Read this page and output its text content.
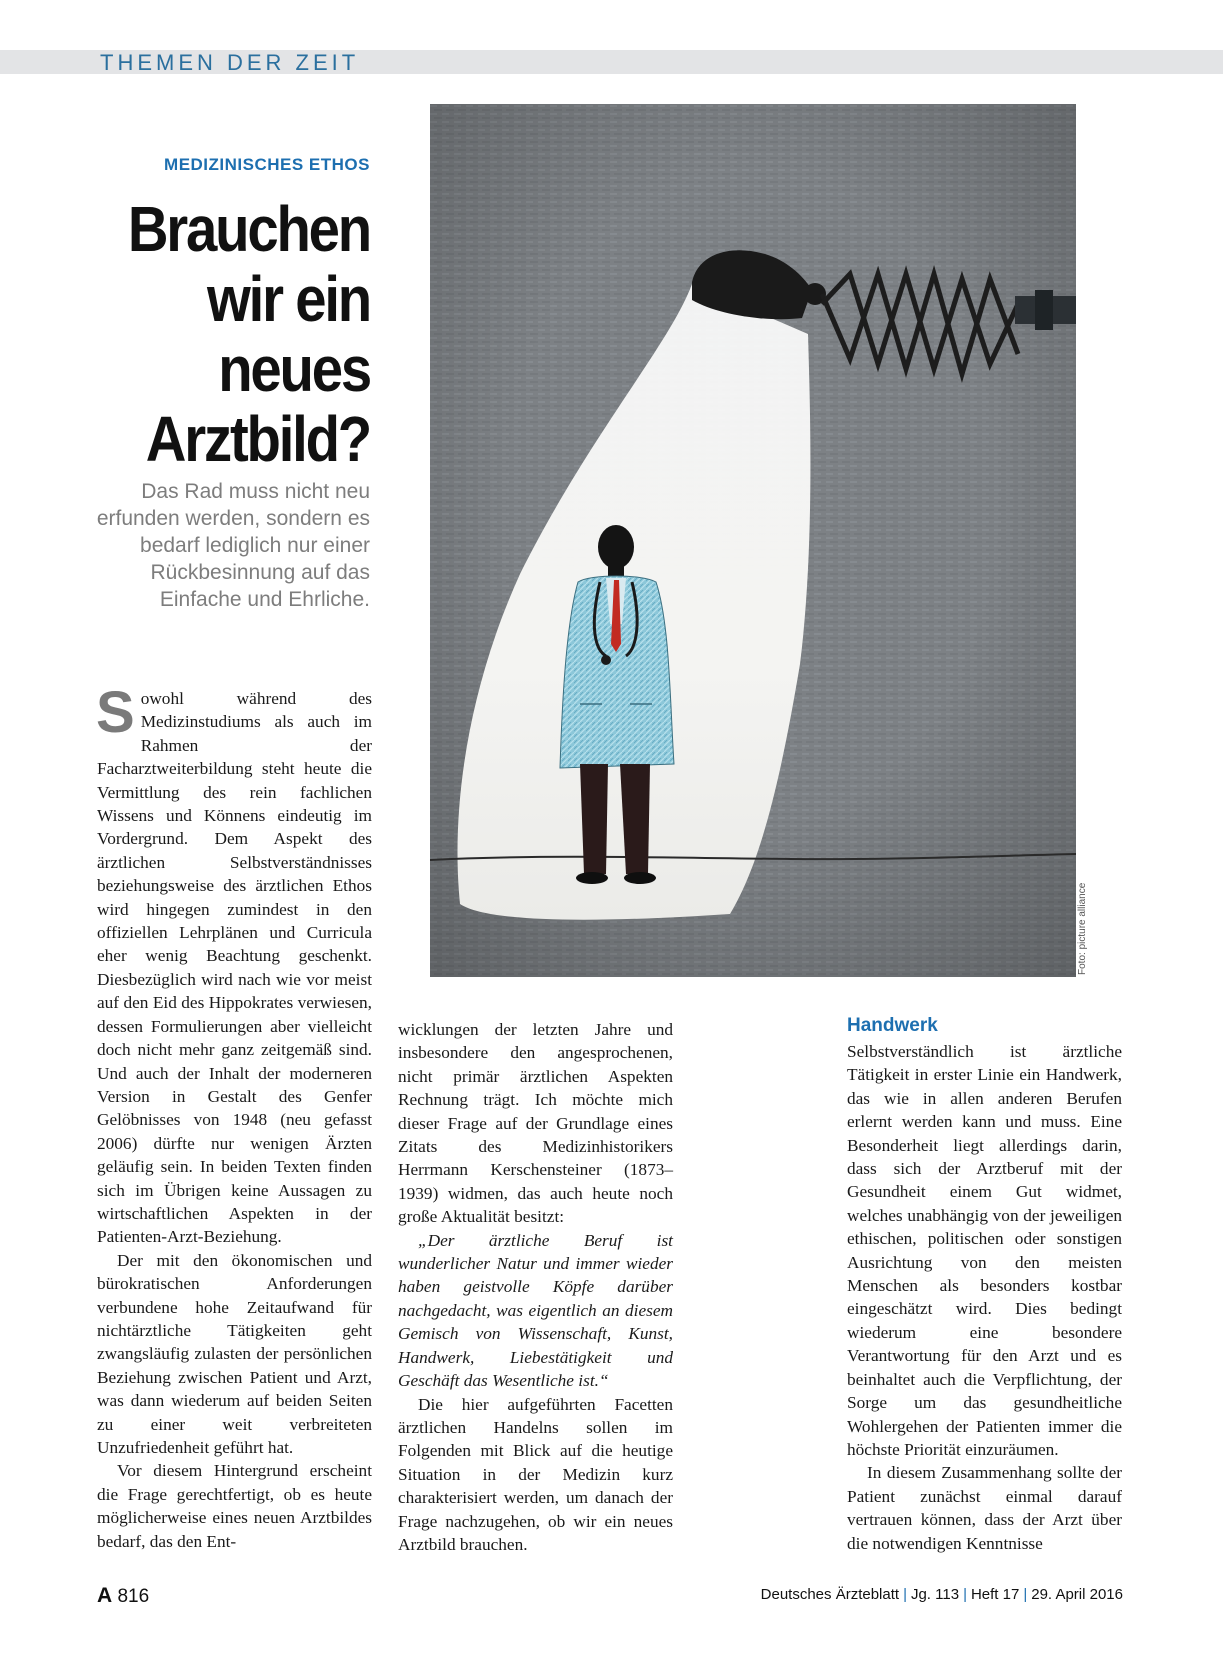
THEMEN DER ZEIT
MEDIZINISCHES ETHOS
Brauchen
wir ein
neues
Arztbild?
Das Rad muss nicht neu erfunden werden, sondern es bedarf lediglich nur einer Rückbesinnung auf das Einfache und Ehrliche.
Foto: picture alliance

Sowohl während des Medizinstudiums als auch im Rahmen der Facharztweiterbildung steht heute die Vermittlung des rein fachlichen Wissens und Könnens eindeutig im Vordergrund. Dem Aspekt des ärztlichen Selbstverständnisses beziehungsweise des ärztlichen Ethos wird hingegen zumindest in den offiziellen Lehrplänen und Curricula eher wenig Beachtung geschenkt. Diesbezüglich wird nach wie vor meist auf den Eid des Hippokrates verwiesen, dessen Formulierungen aber vielleicht doch nicht mehr ganz zeitgemäß sind. Und auch der Inhalt der moderneren Version in Gestalt des Genfer Gelöbnisses von 1948 (neu gefasst 2006) dürfte nur wenigen Ärzten geläufig sein. In beiden Texten finden sich im Übrigen keine Aussagen zu wirtschaftlichen Aspekten in der Patienten-Arzt-Beziehung.

Der mit den ökonomischen und bürokratischen Anforderungen verbundene hohe Zeitaufwand für nichtärztliche Tätigkeiten geht zwangsläufig zulasten der persönlichen Beziehung zwischen Patient und Arzt, was dann wiederum auf beiden Seiten zu einer weit verbreiteten Unzufriedenheit geführt hat.

Vor diesem Hintergrund erscheint die Frage gerechtfertigt, ob es heute möglicherweise eines neuen Arztbildes bedarf, das den Ent-

wicklungen der letzten Jahre und insbesondere den angesprochenen, nicht primär ärztlichen Aspekten Rechnung trägt. Ich möchte mich dieser Frage auf der Grundlage eines Zitats des Medizinhistorikers Herrmann Kerschensteiner (1873–1939) widmen, das auch heute noch große Aktualität besitzt:

„Der ärztliche Beruf ist wunderlicher Natur und immer wieder haben geistvolle Köpfe darüber nachgedacht, was eigentlich an diesem Gemisch von Wissenschaft, Kunst, Handwerk, Liebestätigkeit und Geschäft das Wesentliche ist.“

Die hier aufgeführten Facetten ärztlichen Handelns sollen im Folgenden mit Blick auf die heutige Situation in der Medizin kurz charakterisiert werden, um danach der Frage nachzugehen, ob wir ein neues Arztbild brauchen.

Handwerk

Selbstverständlich ist ärztliche Tätigkeit in erster Linie ein Handwerk, das wie in allen anderen Berufen erlernt werden kann und muss. Eine Besonderheit liegt allerdings darin, dass sich der Arztberuf mit der Gesundheit einem Gut widmet, welches unabhängig von der jeweiligen ethischen, politischen oder sonstigen Ausrichtung von den meisten Menschen als besonders kostbar eingeschätzt wird. Dies bedingt wiederum eine besondere Verantwortung für den Arzt und es beinhaltet auch die Verpflichtung, der Sorge um das gesundheitliche Wohlergehen der Patienten immer die höchste Priorität einzuräumen.

In diesem Zusammenhang sollte der Patient zunächst einmal darauf vertrauen können, dass der Arzt über die notwendigen Kenntnisse

A 816	Deutsches Ärzteblatt | Jg. 113 | Heft 17 | 29. April 2016
